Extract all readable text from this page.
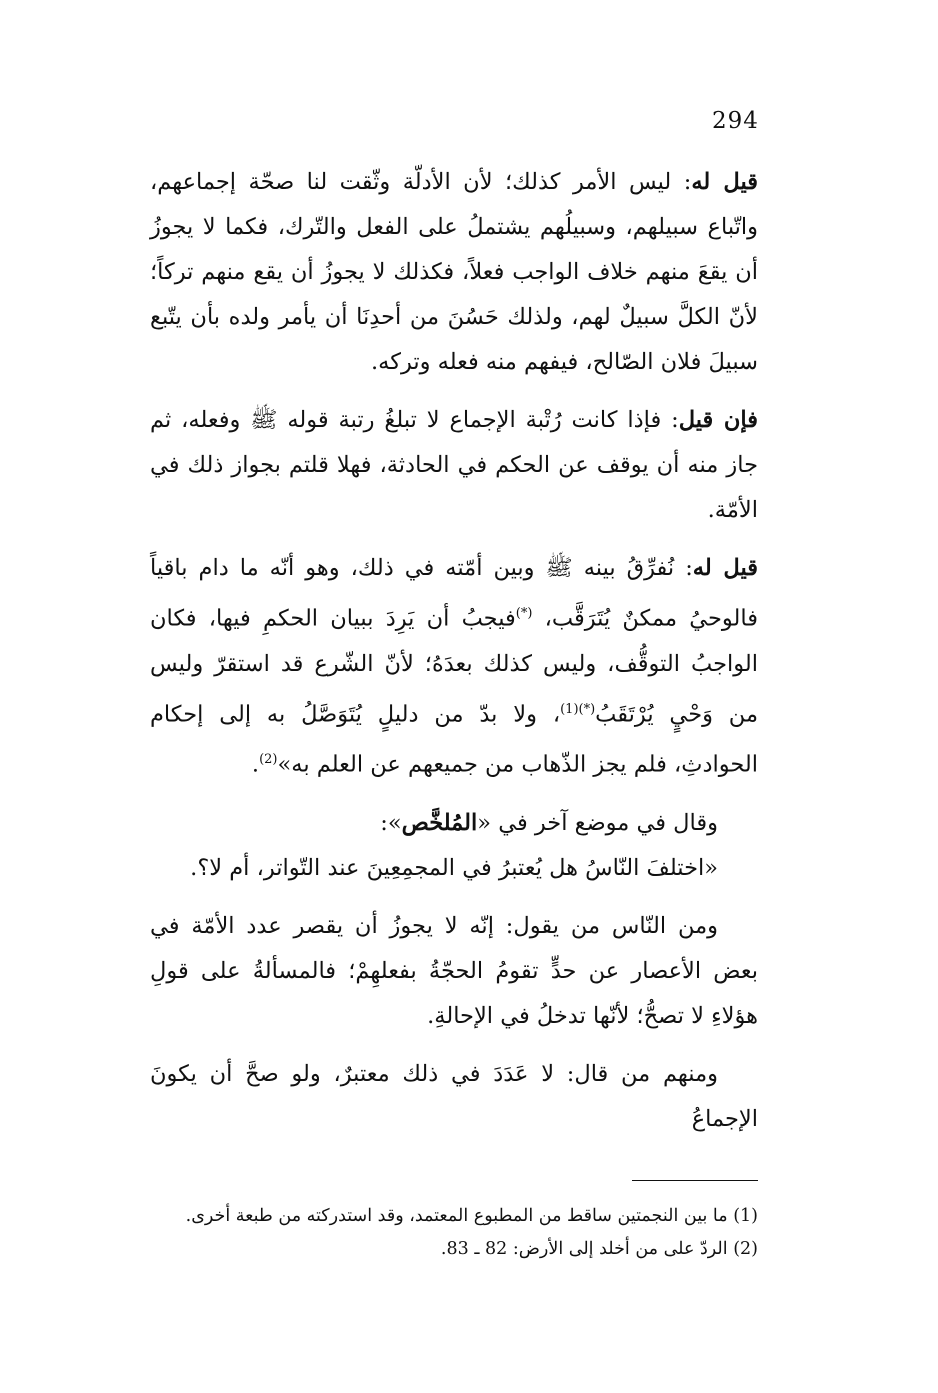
294

قيل له: ليس الأمر كذلك؛ لأن الأدلّة وثّقت لنا صحّة إجماعهم، واتّباع سبيلهم، وسبيلُهم يشتملُ على الفعل والتّرك، فكما لا يجوزُ أن يقعَ منهم خلاف الواجب فعلاً، فكذلك لا يجوزُ أن يقع منهم تركاً؛ لأنّ الكلَّ سبيلٌ لهم، ولذلك حَسُنَ من أحدِنَا أن يأمر ولده بأن يتّبع سبيلَ فلان الصّالح، فيفهم منه فعله وتركه.

فإن قيل: فإذا كانت رُتْبة الإجماع لا تبلغُ رتبة قوله ﷺ وفعله، ثم جاز منه أن يوقف عن الحكم في الحادثة، فهلا قلتم بجواز ذلك في الأمّة.

قيل له: نُفرِّقُ بينه ﷺ وبين أمّته في ذلك، وهو أنّه ما دام باقياً فالوحيُ ممكنٌ يُتَرَقَّب، (*)فيجبُ أن يَرِدَ ببيان الحكمِ فيها، فكان الواجبُ التوقُّف، وليس كذلك بعدَهُ؛ لأنّ الشّرع قد استقرّ وليس من وَحْيٍ يُرْتَقَبُ$^{(*)(1)}$، ولا بدّ من دليلٍ يُتَوَصَّلُ به إلى إحكام الحوادثِ، فلم يجز الذّهاب من جميعهم عن العلم به»$^{(2)}$.

وقال في موضع آخر في «المُلخَّص»:

«اختلفَ النّاسُ هل يُعتبرُ في المجمِعِينَ عند التّواتر، أم لا؟.

ومن النّاس من يقول: إنّه لا يجوزُ أن يقصر عدد الأمّة في بعض الأعصار عن حدٍّ تقومُ الحجّةُ بفعلهِمْ؛ فالمسألةُ على قولِ هؤلاءِ لا تصحُّ؛ لأنّها تدخلُ في الإحالةِ.

ومنهم من قال: لا عَدَدَ في ذلك معتبرٌ، ولو صحَّ أن يكونَ الإجماعُ

(1) ما بين النجمتين ساقط من المطبوع المعتمد، وقد استدركته من طبعة أخرى.
(2) الردّ على من أخلد إلى الأرض: 82 ـ 83.
